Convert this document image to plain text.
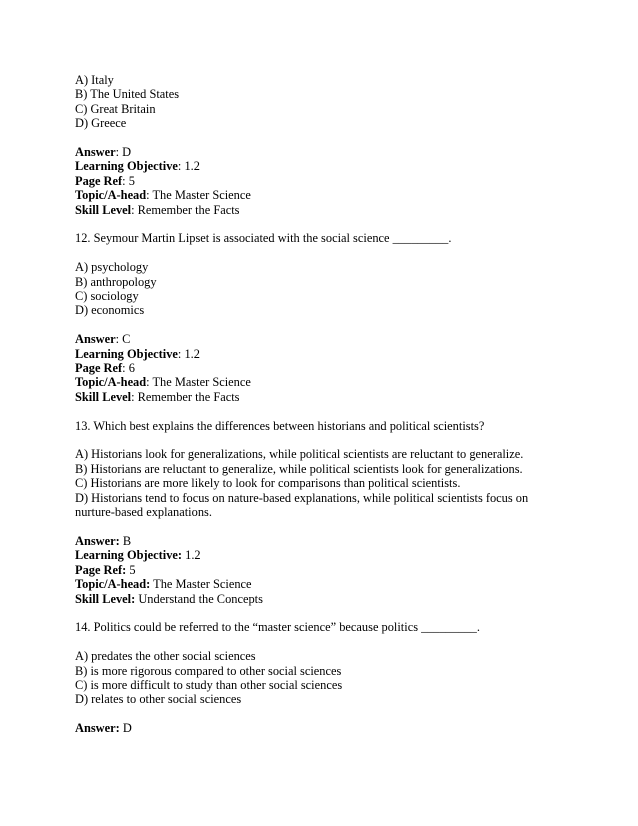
A) Italy

B) The United States

C) Great Britain

D) Greece

Answer: D

Learning Objective: 1.2

Page Ref: 5

Topic/A-head: The Master Science

Skill Level: Remember the Facts

12. Seymour Martin Lipset is associated with the social science _________.

A) psychology

B) anthropology

C) sociology

D) economics

Answer: C

Learning Objective: 1.2

Page Ref: 6

Topic/A-head: The Master Science

Skill Level: Remember the Facts

13. Which best explains the differences between historians and political scientists?

A) Historians look for generalizations, while political scientists are reluctant to generalize.

B) Historians are reluctant to generalize, while political scientists look for generalizations.

C) Historians are more likely to look for comparisons than political scientists.

D) Historians tend to focus on nature-based explanations, while political scientists focus on nurture-based explanations.

Answer: B

Learning Objective: 1.2

Page Ref: 5

Topic/A-head: The Master Science

Skill Level: Understand the Concepts

14. Politics could be referred to the “master science” because politics _________.

A) predates the other social sciences

B) is more rigorous compared to other social sciences

C) is more difficult to study than other social sciences

D) relates to other social sciences

Answer: D
